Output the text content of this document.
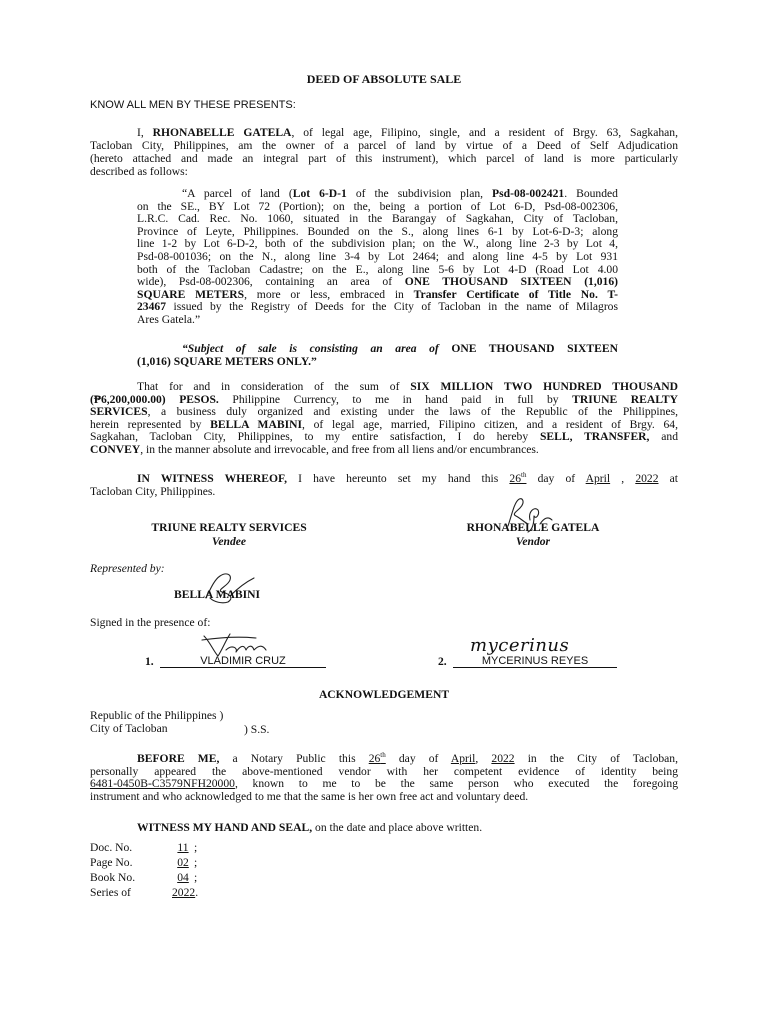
DEED OF ABSOLUTE SALE
KNOW ALL MEN BY THESE PRESENTS:
I, RHONABELLE GATELA, of legal age, Filipino, single, and a resident of Brgy. 63, Sagkahan,
Tacloban City, Philippines, am the owner of a parcel of land by virtue of a Deed of Self Adjudication
(hereto attached and made an integral part of this instrument), which parcel of land is more particularly
described as follows:
“A parcel of land (Lot 6-D-1 of the subdivision plan, Psd-08-002421. Bounded
on the SE., BY Lot 72 (Portion); on the, being a portion of Lot 6-D, Psd-08-002306,
L.R.C. Cad. Rec. No. 1060, situated in the Barangay of Sagkahan, City of Tacloban,
Province of Leyte, Philippines. Bounded on the S., along lines 6-1 by Lot-6-D-3; along
line 1-2 by Lot 6-D-2, both of the subdivision plan; on the W., along line 2-3 by Lot 4,
Psd-08-001036; on the N., along line 3-4 by Lot 2464; and along line 4-5 by Lot 931
both of the Tacloban Cadastre; on the E., along line 5-6 by Lot 4-D (Road Lot 4.00
wide), Psd-08-002306, containing an area of ONE THOUSAND SIXTEEN (1,016)
SQUARE METERS, more or less, embraced in Transfer Certificate of Title No. T-
23467 issued by the Registry of Deeds for the City of Tacloban in the name of Milagros
Ares Gatela.”
“Subject of sale is consisting an area of ONE THOUSAND SIXTEEN
(1,016) SQUARE METERS ONLY.”
That for and in consideration of the sum of SIX MILLION TWO HUNDRED THOUSAND
(₱6,200,000.00) PESOS. Philippine Currency, to me in hand paid in full by TRIUNE REALTY
SERVICES, a business duly organized and existing under the laws of the Republic of the Philippines,
herein represented by BELLA MABINI, of legal age, married, Filipino citizen, and a resident of Brgy. 64,
Sagkahan, Tacloban City, Philippines, to my entire satisfaction, I do hereby SELL, TRANSFER, and
CONVEY, in the manner absolute and irrevocable, and free from all liens and/or encumbrances.
IN WITNESS WHEREOF, I have hereunto set my hand this 26th day of April , 2022 at
Tacloban City, Philippines.
TRIUNE REALTY SERVICES
Vendee
RHONABELLE GATELA
Vendor
Represented by:
BELLA MABINI
Signed in the presence of:
1.	VLADIMIR CRUZ
mycerinus
2.	MYCERINUS REYES
ACKNOWLEDGEMENT
Republic of the Philippines )
City of Tacloban	) S.S.
BEFORE ME, a Notary Public this 26th day of April, 2022 in the City of Tacloban,
personally appeared the above-mentioned vendor with her competent evidence of identity being
6481-0450B-C3579NFH20000, known to me to be the same person who executed the foregoing
instrument and who acknowledged to me that the same is her own free act and voluntary deed.
WITNESS MY HAND AND SEAL, on the date and place above written.
Doc. No.	11 ;
Page No.	02 ;
Book No.	04 ;
Series of	2022.
